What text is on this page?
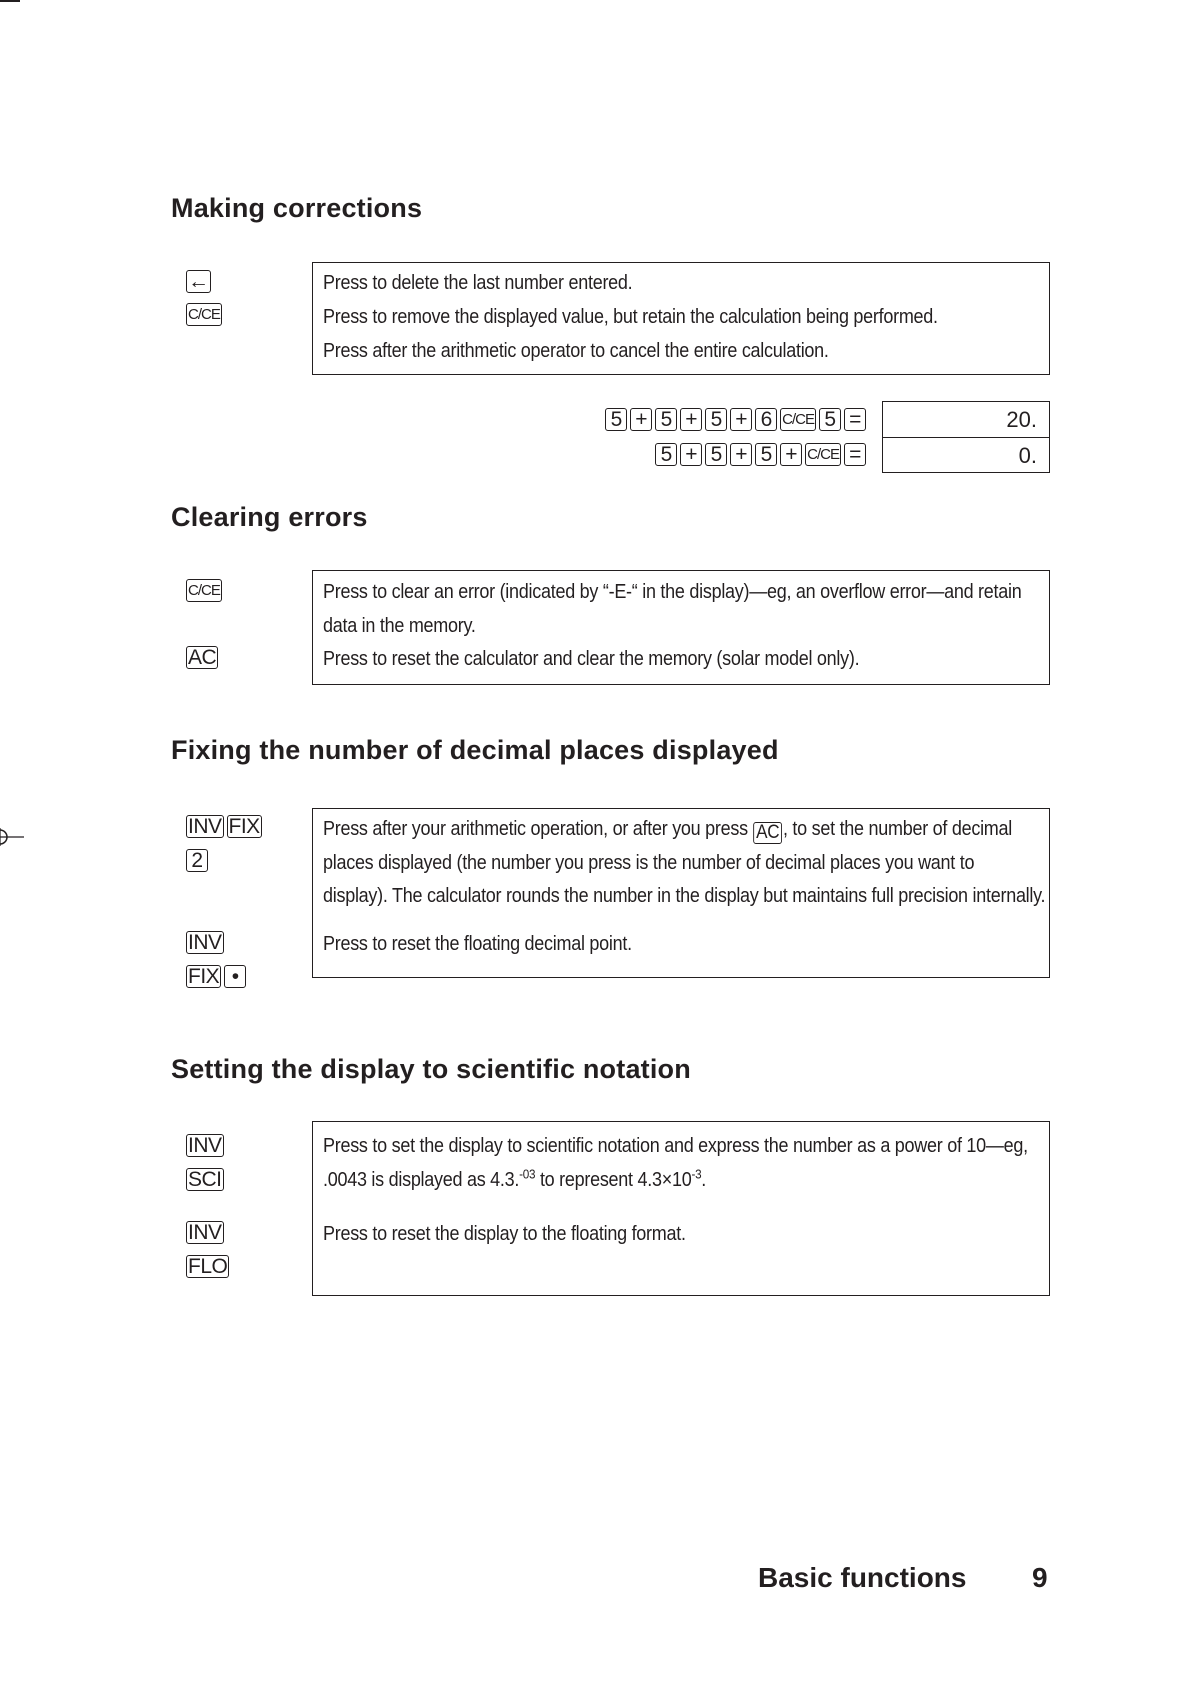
Making corrections
←
C/CE

Press to delete the last number entered.

Press to remove the displayed value, but retain the calculation being performed.

Press after the arithmetic operator to cancel the entire calculation.

5 + 5 + 5 + 6 C/CE 5 =
5 + 5 + 5 + C/CE =
20.
0.
Clearing errors
C/CE
AC

Press to clear an error (indicated by “-E-“ in the display)—eg, an overflow error—and retain

data in the memory.

Press to reset the calculator and clear the memory (solar model only).

Fixing the number of decimal places displayed
INV FIX
2
INV
FIX •

Press after your arithmetic operation, or after you press AC , to set the number of decimal

places displayed (the number you press is the number of decimal places you want to

display). The calculator rounds the number in the display but maintains full precision internally.

Press to reset the floating decimal point.

Setting the display to scientific notation
INV
SCI
INV
FLO

Press to set the display to scientific notation and express the number as a power of 10—eg,

.0043 is displayed as 4.3.$^{-03}$ to represent $4.3\times 10^{-3}$.

Press to reset the display to the floating format.

Basic functions 9
